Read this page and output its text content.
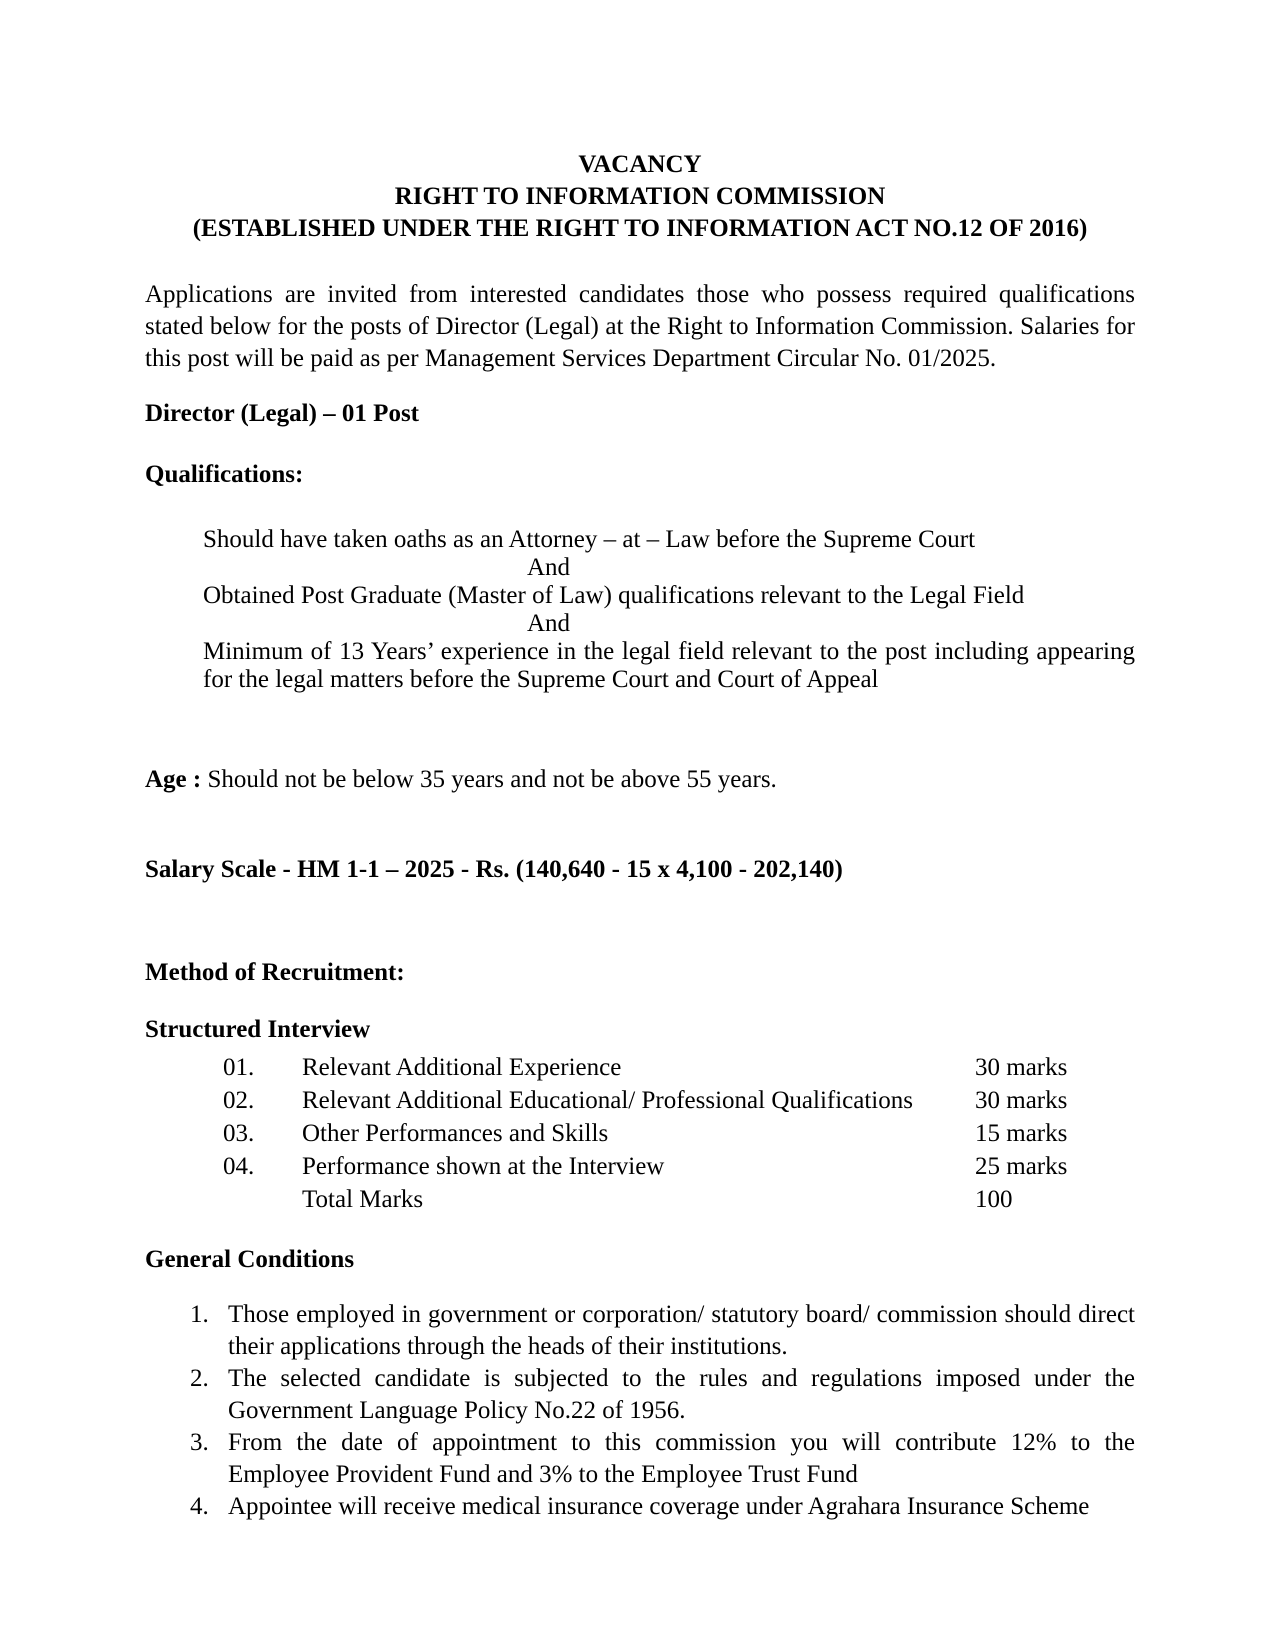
VACANCY
RIGHT TO INFORMATION COMMISSION
(ESTABLISHED UNDER THE RIGHT TO INFORMATION ACT NO.12 OF 2016)

Applications are invited from interested candidates those who possess required qualifications stated below for the posts of Director (Legal) at the Right to Information Commission. Salaries for this post will be paid as per Management Services Department Circular No. 01/2025.

Director (Legal) – 01 Post

Qualifications:

Should have taken oaths as an Attorney – at – Law before the Supreme Court

And

Obtained Post Graduate (Master of Law) qualifications relevant to the Legal Field

And

Minimum of 13 Years’ experience in the legal field relevant to the post including appearing for the legal matters before the Supreme Court and Court of Appeal

Age : Should not be below 35 years and not be above 55 years.

Salary Scale - HM 1-1 – 2025 - Rs. (140,640 - 15 x 4,100 - 202,140)

Method of Recruitment:

Structured Interview

01. Relevant Additional Experience	30 marks
02. Relevant Additional Educational/ Professional Qualifications 30 marks
03. Other Performances and Skills	15 marks
04. Performance shown at the Interview	25 marks
Total Marks	100

General Conditions

1. Those employed in government or corporation/ statutory board/ commission should direct their applications through the heads of their institutions.
2. The selected candidate is subjected to the rules and regulations imposed under the Government Language Policy No.22 of 1956.
3. From the date of appointment to this commission you will contribute 12% to the Employee Provident Fund and 3% to the Employee Trust Fund
4. Appointee will receive medical insurance coverage under Agrahara Insurance Scheme
